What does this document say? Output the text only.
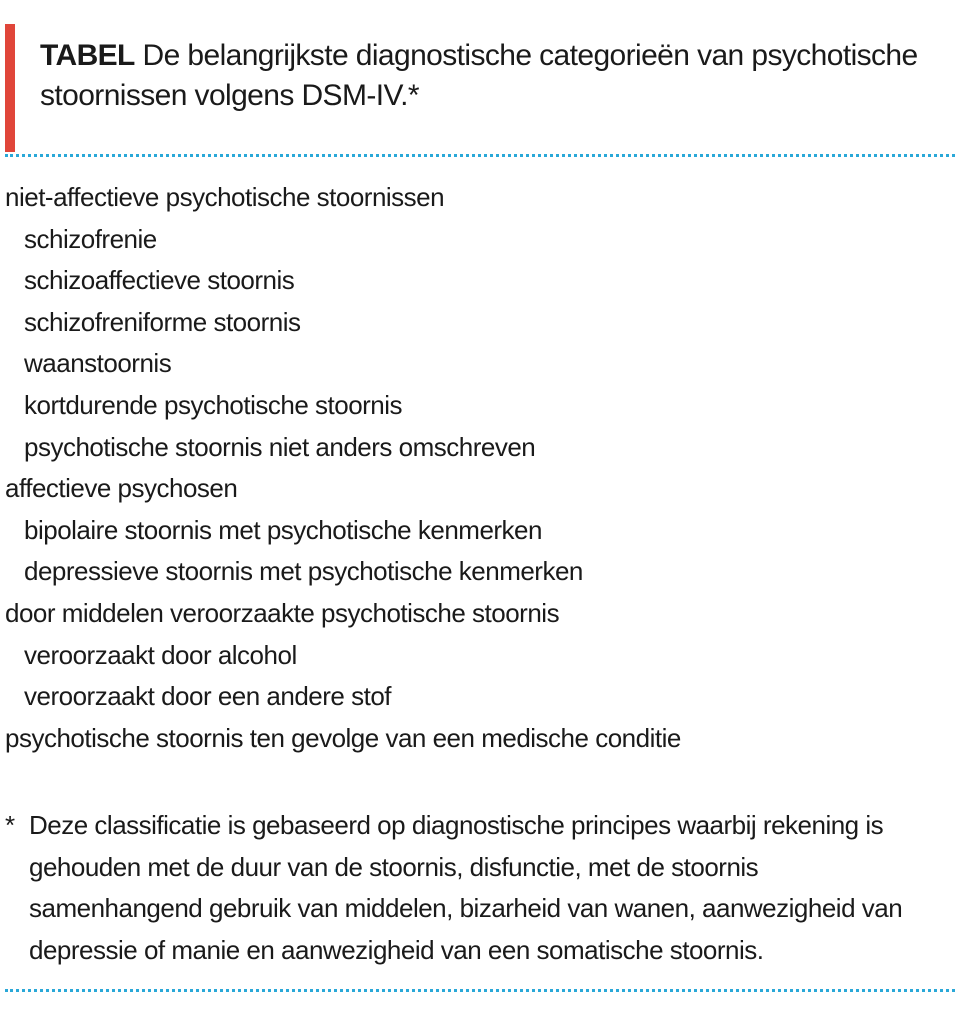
TABEL De belangrijkste diagnostische categorieën van psychotische stoornissen volgens DSM-IV.*
niet-affectieve psychotische stoornissen
schizofrenie
schizoaffectieve stoornis
schizofreniforme stoornis
waanstoornis
kortdurende psychotische stoornis
psychotische stoornis niet anders omschreven
affectieve psychosen
bipolaire stoornis met psychotische kenmerken
depressieve stoornis met psychotische kenmerken
door middelen veroorzaakte psychotische stoornis
veroorzaakt door alcohol
veroorzaakt door een andere stof
psychotische stoornis ten gevolge van een medische conditie
* Deze classificatie is gebaseerd op diagnostische principes waarbij rekening is gehouden met de duur van de stoornis, disfunctie, met de stoornis samenhangend gebruik van middelen, bizarheid van wanen, aanwezigheid van depressie of manie en aanwezigheid van een somatische stoornis.
